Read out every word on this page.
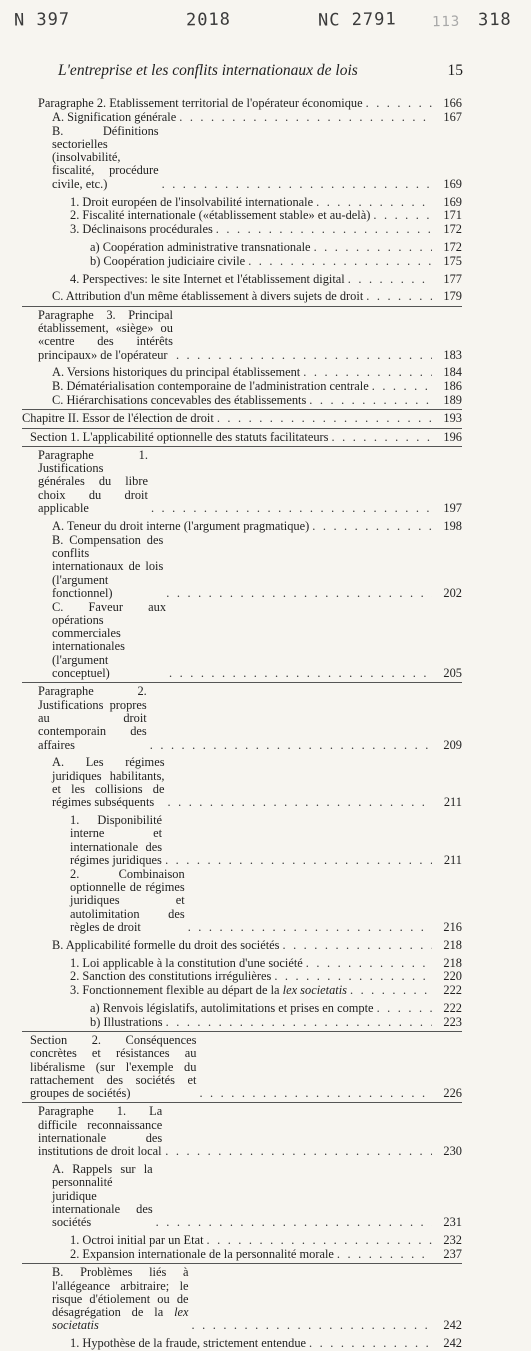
N 397	2018	NC 2791	113 318
L'entreprise et les conflits internationaux de lois	15
Paragraphe 2. Etablissement territorial de l'opérateur économique . . .	166
A. Signification générale . . .	167
B. Définitions sectorielles (insolvabilité, fiscalité, procédure civile, etc.) . . .	169
1. Droit européen de l'insolvabilité internationale . . .	169
2. Fiscalité internationale («établissement stable» et au-delà) . . .	171
3. Déclinaisons procédurales . . .	172
a) Coopération administrative transnationale . . .	172
b) Coopération judiciaire civile . . .	175
4. Perspectives: le site Internet et l'établissement digital . . .	177
C. Attribution d'un même établissement à divers sujets de droit . . .	179
Paragraphe 3. Principal établissement, «siège» ou «centre des intérêts principaux» de l'opérateur . . .	183
A. Versions historiques du principal établissement . . .	184
B. Dématérialisation contemporaine de l'administration centrale . . .	186
C. Hiérarchisations concevables des établissements . . .	189
Chapitre II. Essor de l'élection de droit . . .	193
Section 1. L'applicabilité optionnelle des statuts facilitateurs . . .	196
Paragraphe 1. Justifications générales du libre choix du droit applicable . . .	197
A. Teneur du droit interne (l'argument pragmatique) . . .	198
B. Compensation des conflits internationaux de lois (l'argument fonctionnel) . . .	202
C. Faveur aux opérations commerciales internationales (l'argument conceptuel) . . .	205
Paragraphe 2. Justifications propres au droit contemporain des affaires . . .	209
A. Les régimes juridiques habilitants, et les collisions de régimes subséquents . . .	211
1. Disponibilité interne et internationale des régimes juridiques . . .	211
2. Combinaison optionnelle de régimes juridiques et autolimitation des règles de droit . . .	216
B. Applicabilité formelle du droit des sociétés . . .	218
1. Loi applicable à la constitution d'une société . . .	218
2. Sanction des constitutions irrégulières . . .	220
3. Fonctionnement flexible au départ de la lex societatis . . .	222
a) Renvois législatifs, autolimitations et prises en compte . . .	222
b) Illustrations . . .	223
Section 2. Conséquences concrètes et résistances au libéralisme (sur l'exemple du rattachement des sociétés et groupes de sociétés) . . .	226
Paragraphe 1. La difficile reconnaissance internationale des institutions de droit local . . .	230
A. Rappels sur la personnalité juridique internationale des sociétés . . .	231
1. Octroi initial par un Etat . . .	232
2. Expansion internationale de la personnalité morale . . .	237
B. Problèmes liés à l'allégeance arbitraire; le risque d'étiolement ou de désagrégation de la lex societatis . . .	242
1. Hypothèse de la fraude, strictement entendue . . .	242
